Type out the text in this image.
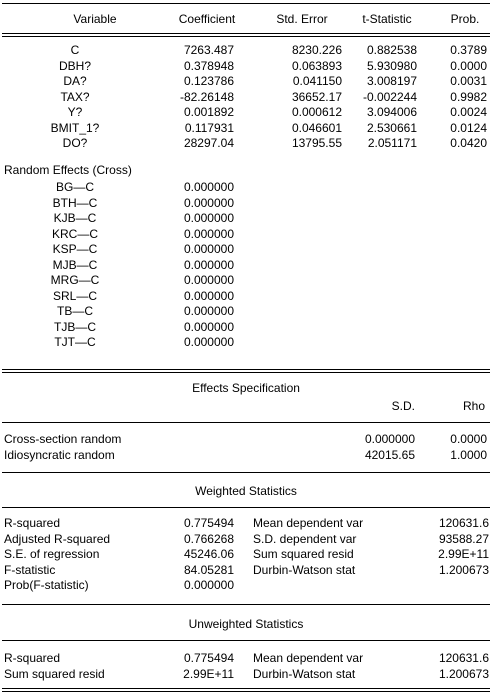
Variable	Coefficient	Std. Error	t-Statistic	Prob.
C	7263.487	8230.226	0.882538	0.3789
DBH?	0.378948	0.063893	5.930980	0.0000
DA?	0.123786	0.041150	3.008197	0.0031
TAX?	-82.26148	36652.17	-0.002244	0.9982
Y?	0.001892	0.000612	3.094006	0.0024
BMIT_1?	0.117931	0.046601	2.530661	0.0124
DO?	28297.04	13795.55	2.051171	0.0420
Random Effects (Cross)
BG—C	0.000000
BTH—C	0.000000
KJB—C	0.000000
KRC—C	0.000000
KSP—C	0.000000
MJB—C	0.000000
MRG—C	0.000000
SRL—C	0.000000
TB—C	0.000000
TJB—C	0.000000
TJT—C	0.000000
Effects Specification
S.D.	Rho
Cross-section random	0.000000	0.0000
Idiosyncratic random	42015.65	1.0000
Weighted Statistics
R-squared	0.775494 Mean dependent var	120631.6
Adjusted R-squared	0.766268 S.D. dependent var	93588.27
S.E. of regression	45246.06 Sum squared resid	2.99E+11
F-statistic	84.05281 Durbin-Watson stat	1.200673
Prob(F-statistic)	0.000000
Unweighted Statistics
R-squared	0.775494 Mean dependent var	120631.6
Sum squared resid	2.99E+11 Durbin-Watson stat	1.200673
